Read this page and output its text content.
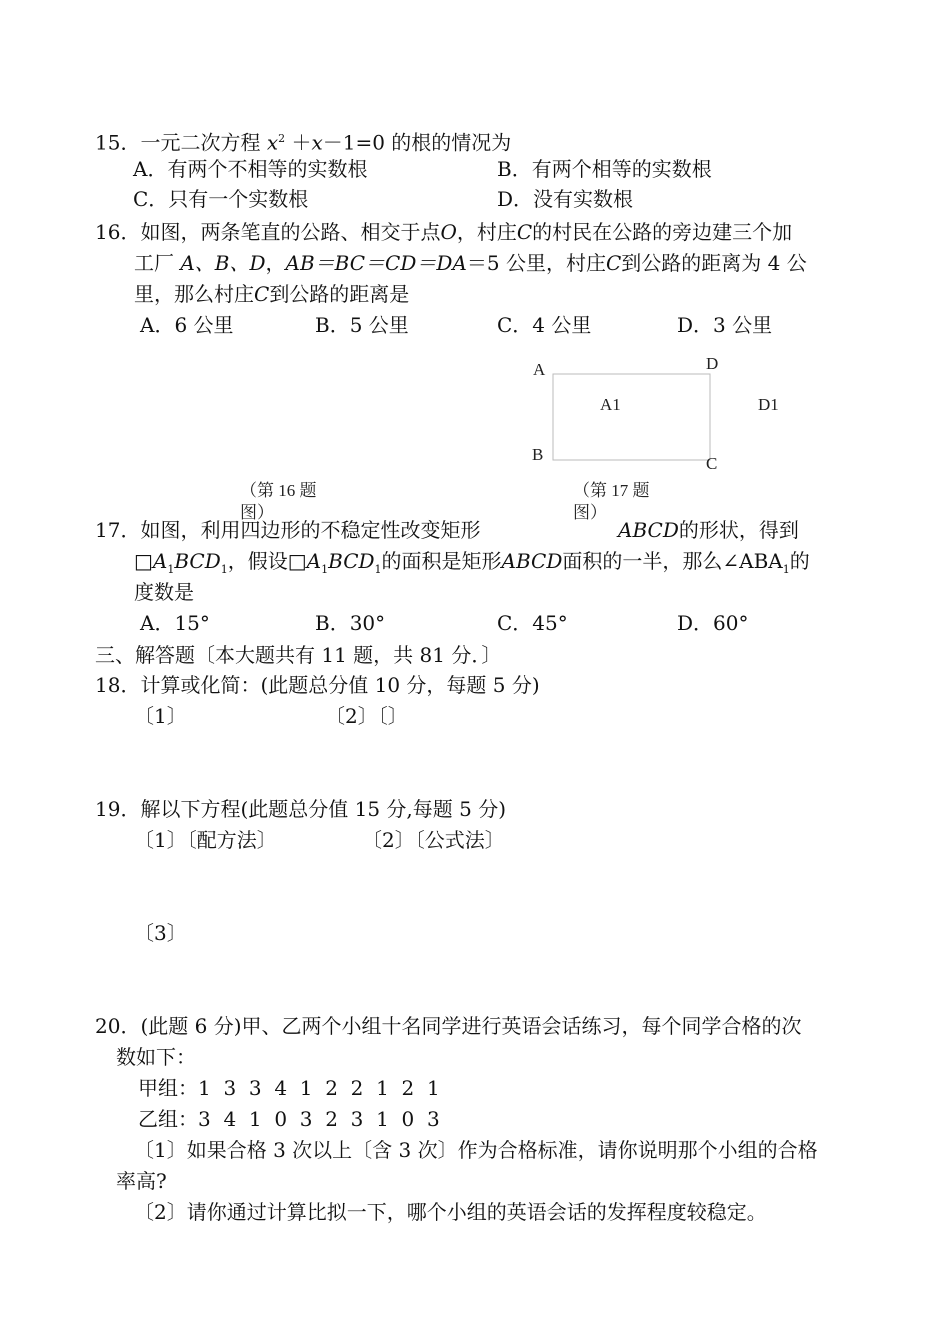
15．一元二次方程 $x^2 +x-1=0$ 的根的情况为
A．有两个不相等的实数根	B．有两个相等的实数根
C．只有一个实数根	D．没有实数根
16．如图，两条笔直的公路、相交于点O，村庄C的村民在公路的旁边建三个加
工厂 A、B、D，AB＝BC＝CD＝DA＝5 公里，村庄C到公路的距离为 4 公
里，那么村庄C到公路的距离是
A．6 公里	B．5 公里	C．4 公里	D．3 公里
A	D
A1	D1
B	C
（第 16 题图）
（第 17 题图）
17．如图，利用四边形的不稳定性改变矩形	ABCD的形状，得到
$□A_1BCD_1$，假设$□A_1BCD_1$的面积是矩形ABCD面积的一半，那么$\angle ABA_1$的
度数是
A．15°	B．30°	C．45°	D．60°
三、解答题〔本大题共有 11 题，共 81 分．〕
18．计算或化简：(此题总分值 10 分，每题 5 分)
〔1〕	〔2〕〔〕
19．解以下方程(此题总分值 15 分,每题 5 分)
〔1〕〔配方法〕	〔2〕〔公式法〕
〔3〕
20．(此题 6 分)甲、乙两个小组十名同学进行英语会话练习，每个同学合格的次
数如下：
甲组：1  3  3  4  1  2  2  1  2  1
乙组：3  4  1  0  3  2  3  1  0  3
〔1〕如果合格 3 次以上〔含 3 次〕作为合格标准，请你说明那个小组的合格
率高?
〔2〕请你通过计算比拟一下，哪个小组的英语会话的发挥程度较稳定。
